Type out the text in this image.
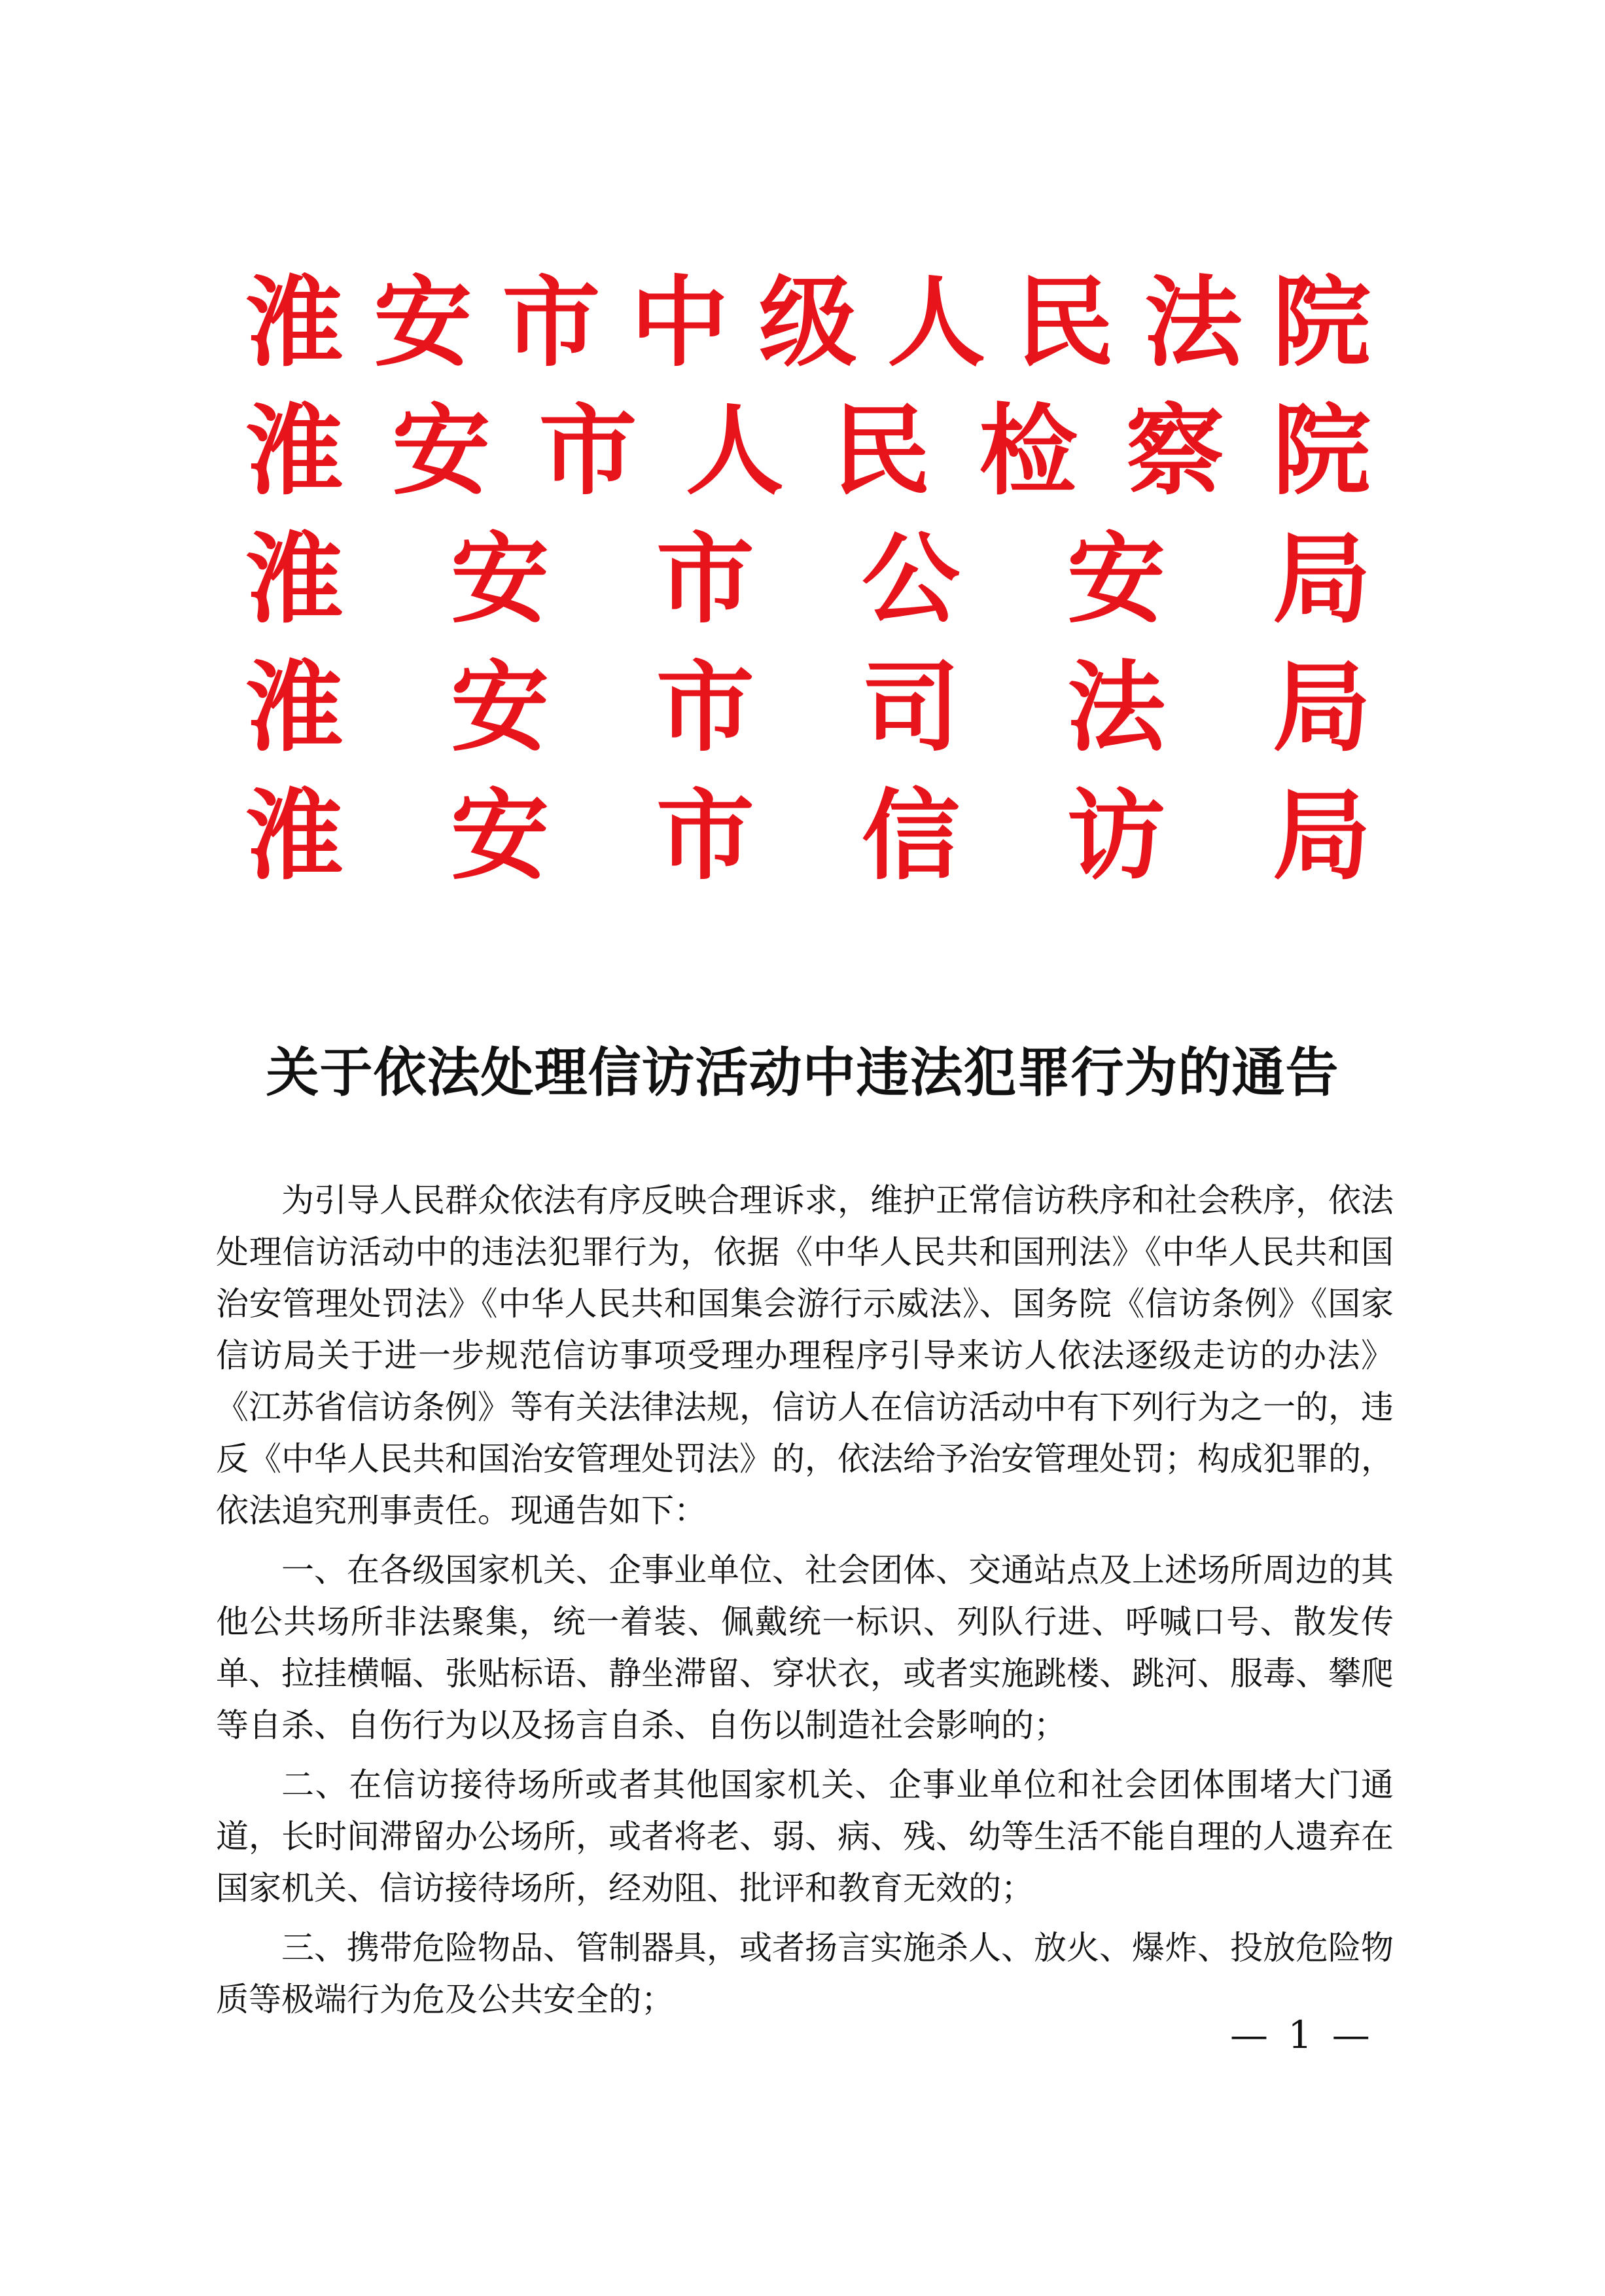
淮 安 市 中 级 人 民 法 院
淮 安 市 人 民 检 察 院
淮 安 市 公 安 局
淮 安 市 司 法 局
淮 安 市 信 访 局
关于依法处理信访活动中违法犯罪行为的通告

为引导人民群众依法有序反映合理诉求，维护正常信访秩序和社会秩序，依法处理信访活动中的违法犯罪行为，依据《中华人民共和国刑法》《中华人民共和国治安管理处罚法》《中华人民共和国集会游行示威法》、国务院《信访条例》《国家信访局关于进一步规范信访事项受理办理程序引导来访人依法逐级走访的办法》《江苏省信访条例》等有关法律法规，信访人在信访活动中有下列行为之一的，违反《中华人民共和国治安管理处罚法》的，依法给予治安管理处罚；构成犯罪的，依法追究刑事责任。现通告如下：

一、在各级国家机关、企事业单位、社会团体、交通站点及上述场所周边的其他公共场所非法聚集，统一着装、佩戴统一标识、列队行进、呼喊口号、散发传单、拉挂横幅、张贴标语、静坐滞留、穿状衣，或者实施跳楼、跳河、服毒、攀爬等自杀、自伤行为以及扬言自杀、自伤以制造社会影响的；

二、在信访接待场所或者其他国家机关、企事业单位和社会团体围堵大门通道，长时间滞留办公场所，或者将老、弱、病、残、幼等生活不能自理的人遗弃在国家机关、信访接待场所，经劝阻、批评和教育无效的；

三、携带危险物品、管制器具，或者扬言实施杀人、放火、爆炸、投放危险物质等极端行为危及公共安全的；

— 1 —
